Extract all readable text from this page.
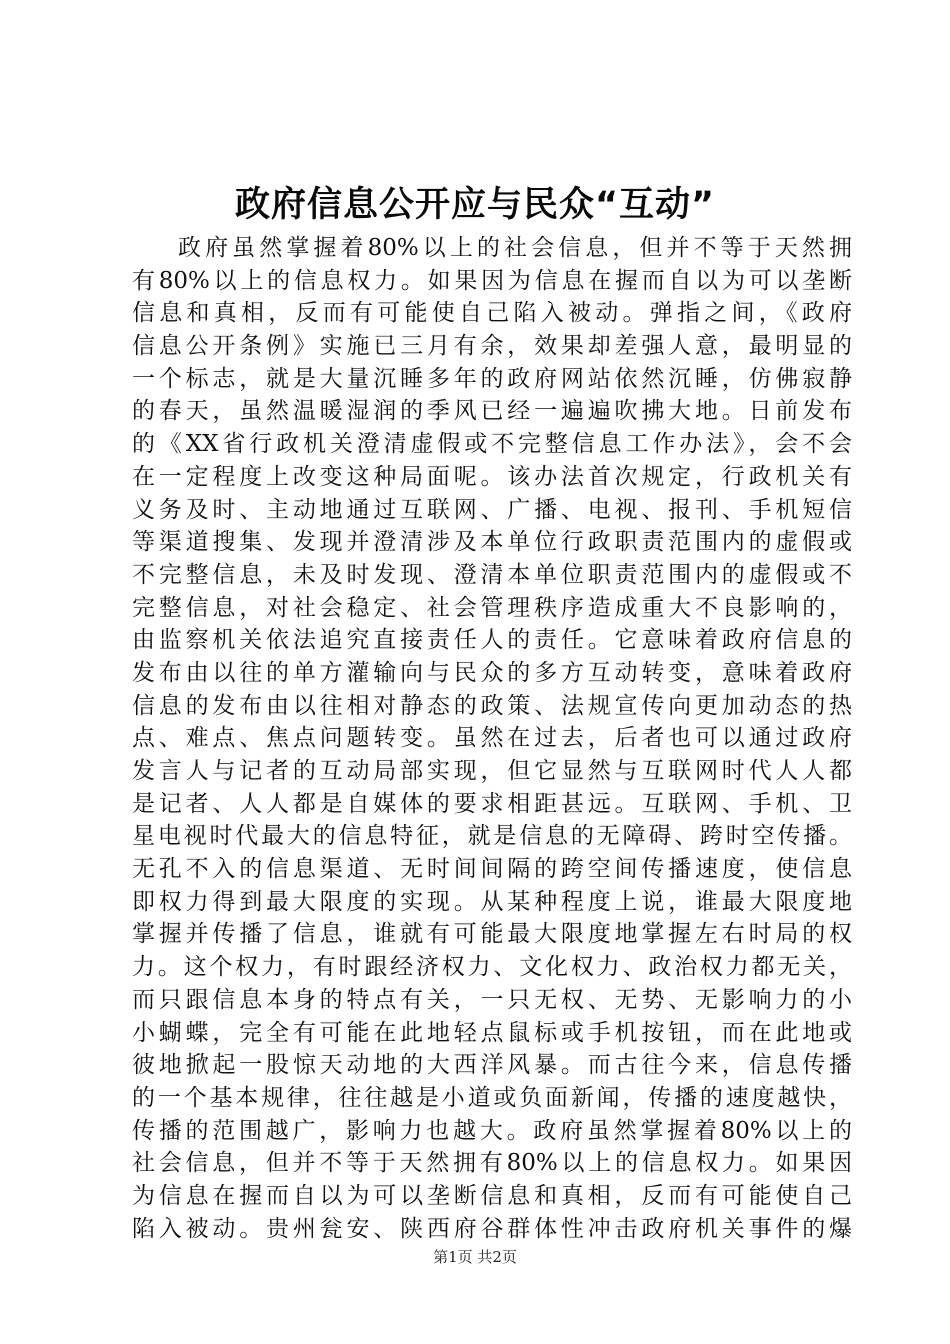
政府信息公开应与民众“互动”
政府虽然掌握着80%以上的社会信息，但并不等于天然拥
有80%以上的信息权力。如果因为信息在握而自以为可以垄断
信息和真相，反而有可能使自己陷入被动。弹指之间，《政府
信息公开条例》实施已三月有余，效果却差强人意，最明显的
一个标志，就是大量沉睡多年的政府网站依然沉睡，仿佛寂静
的春天，虽然温暖湿润的季风已经一遍遍吹拂大地。日前发布
的《XX省行政机关澄清虚假或不完整信息工作办法》，会不会
在一定程度上改变这种局面呢。该办法首次规定，行政机关有
义务及时、主动地通过互联网、广播、电视、报刊、手机短信
等渠道搜集、发现并澄清涉及本单位行政职责范围内的虚假或
不完整信息，未及时发现、澄清本单位职责范围内的虚假或不
完整信息，对社会稳定、社会管理秩序造成重大不良影响的，
由监察机关依法追究直接责任人的责任。它意味着政府信息的
发布由以往的单方灌输向与民众的多方互动转变，意味着政府
信息的发布由以往相对静态的政策、法规宣传向更加动态的热
点、难点、焦点问题转变。虽然在过去，后者也可以通过政府
发言人与记者的互动局部实现，但它显然与互联网时代人人都
是记者、人人都是自媒体的要求相距甚远。互联网、手机、卫
星电视时代最大的信息特征，就是信息的无障碍、跨时空传播。
无孔不入的信息渠道、无时间间隔的跨空间传播速度，使信息
即权力得到最大限度的实现。从某种程度上说，谁最大限度地
掌握并传播了信息，谁就有可能最大限度地掌握左右时局的权
力。这个权力，有时跟经济权力、文化权力、政治权力都无关，
而只跟信息本身的特点有关，一只无权、无势、无影响力的小
小蝴蝶，完全有可能在此地轻点鼠标或手机按钮，而在此地或
彼地掀起一股惊天动地的大西洋风暴。而古往今来，信息传播
的一个基本规律，往往越是小道或负面新闻，传播的速度越快，
传播的范围越广，影响力也越大。政府虽然掌握着80%以上的
社会信息，但并不等于天然拥有80%以上的信息权力。如果因
为信息在握而自以为可以垄断信息和真相，反而有可能使自己
陷入被动。贵州瓮安、陕西府谷群体性冲击政府机关事件的爆
第1页 共2页
